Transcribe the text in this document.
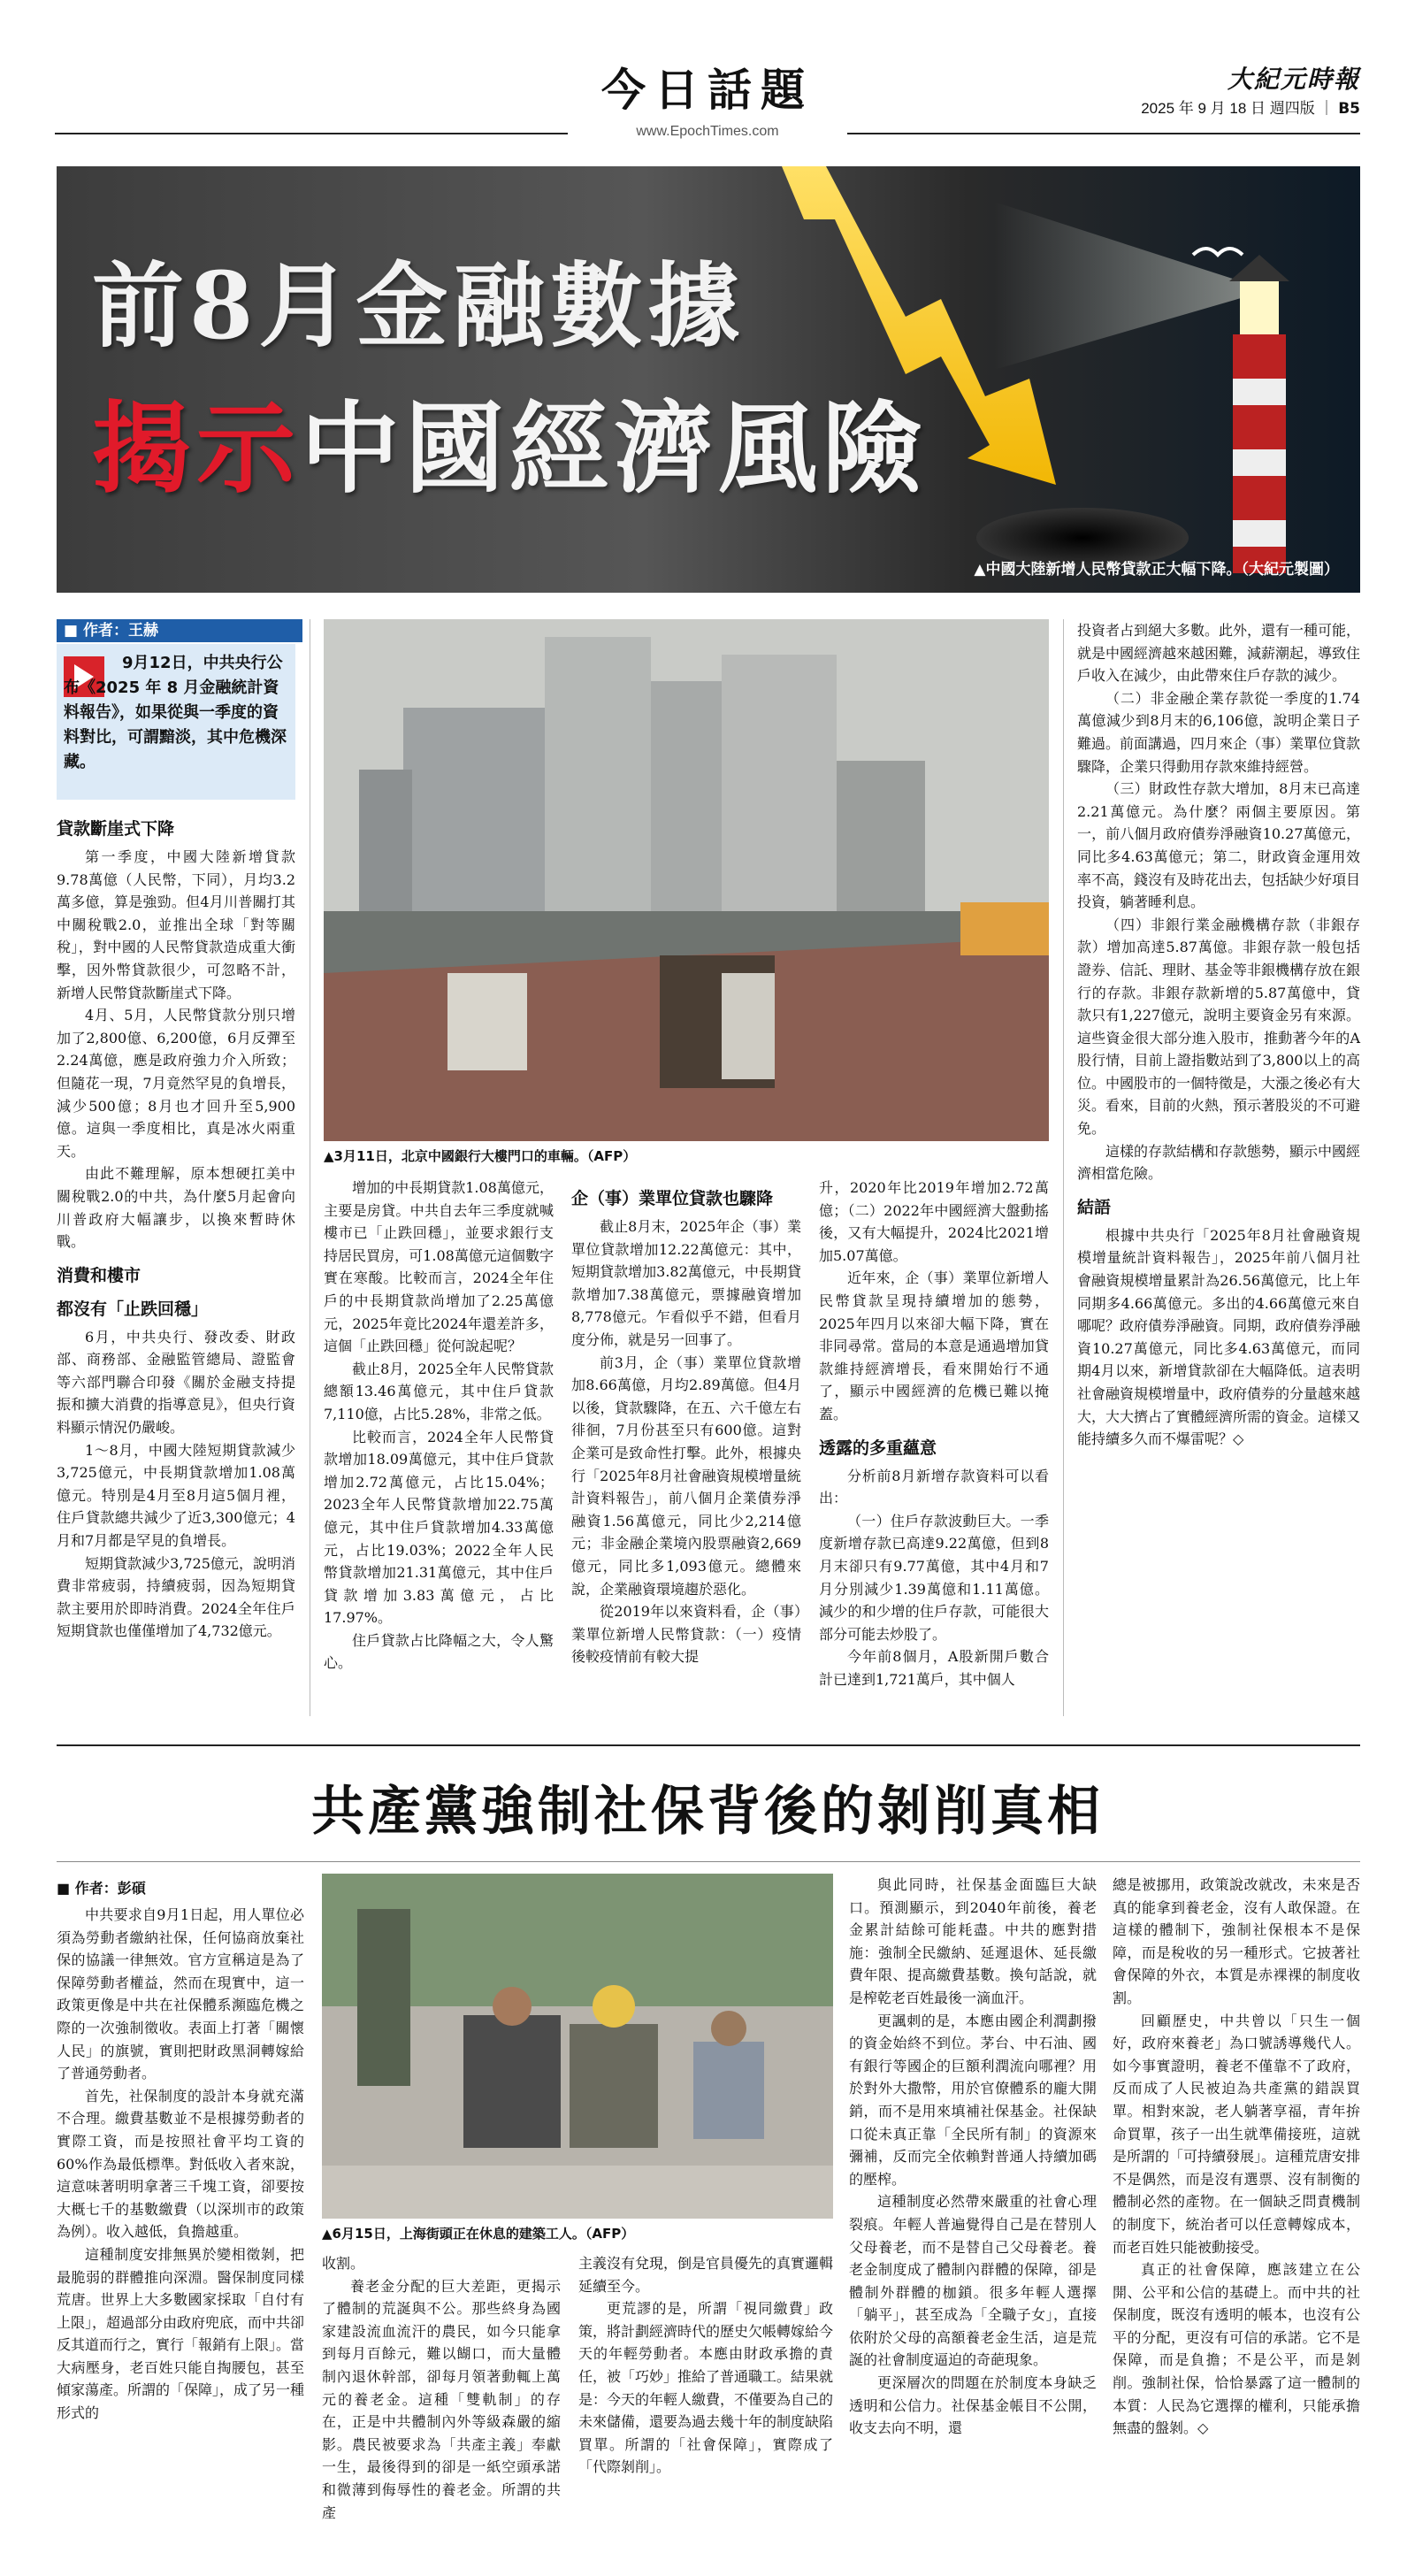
今日話題
www.EpochTimes.com
大紀元時報
2025 年 9 月 18 日 週四版 ｜ B5
前8月金融數據
揭示中國經濟風險
▲中國大陸新增人民幣貸款正大幅下降。（大紀元製圖）
■ 作者：王赫
9月12日，中共央行公布《2025 年 8 月金融統計資料報告》，如果從與一季度的資料對比，可謂黯淡，其中危機深藏。
貸款斷崖式下降

第一季度，中國大陸新增貸款9.78萬億（人民幣，下同），月均3.2萬多億，算是強勁。但4月川普關打其中關稅戰2.0，並推出全球「對等關稅」，對中國的人民幣貸款造成重大衝擊，因外幣貸款很少，可忽略不計，新增人民幣貸款斷崖式下降。

4月、5月，人民幣貸款分別只增加了2,800億、6,200億，6月反彈至2.24萬億，應是政府強力介入所致；但隨花一現，7月竟然罕見的負增長，減少500億；8月也才回升至5,900億。這與一季度相比，真是冰火兩重天。

由此不難理解，原本想硬扛美中關稅戰2.0的中共，為什麼5月起會向川普政府大幅讓步，以換來暫時休戰。

消費和樓市
都沒有「止跌回穩」

6月，中共央行、發改委、財政部、商務部、金融監管總局、證監會等六部門聯合印發《關於金融支持提振和擴大消費的指導意見》，但央行資料顯示情況仍嚴峻。

1～8月，中國大陸短期貸款減少3,725億元，中長期貸款增加1.08萬億元。特別是4月至8月這5個月裡，住戶貸款總共減少了近3,300億元；4月和7月都是罕見的負增長。

短期貸款減少3,725億元，說明消費非常疲弱，持續疲弱，因為短期貸款主要用於即時消費。2024全年住戶短期貸款也僅僅增加了4,732億元。

▲3月11日，北京中國銀行大樓門口的車輛。（AFP）

增加的中長期貸款1.08萬億元，主要是房貸。中共自去年三季度就喊樓市已「止跌回穩」，並要求銀行支持居民買房，可1.08萬億元這個數字實在寒酸。比較而言，2024全年住戶的中長期貸款尚增加了2.25萬億元，2025年竟比2024年還差許多，這個「止跌回穩」從何說起呢？

截止8月，2025全年人民幣貸款總額13.46萬億元，其中住戶貸款7,110億，占比5.28%，非常之低。

比較而言，2024全年人民幣貸款增加18.09萬億元，其中住戶貸款增加2.72萬億元，占比15.04%；2023全年人民幣貸款增加22.75萬億元，其中住戶貸款增加4.33萬億元，占比19.03%；2022全年人民幣貸款增加21.31萬億元，其中住戶貸款增加3.83萬億元，占比17.97%。

住戶貸款占比降幅之大，令人驚心。

企（事）業單位貸款也驟降

截止8月末，2025年企（事）業單位貸款增加12.22萬億元：其中，短期貸款增加3.82萬億元，中長期貸款增加7.38萬億元，票據融資增加8,778億元。乍看似乎不錯，但看月度分佈，就是另一回事了。

前3月，企（事）業單位貸款增加8.66萬億，月均2.89萬億。但4月以後，貸款驟降，在五、六千億左右徘徊，7月份甚至只有600億。這對企業可是致命性打擊。此外，根據央行「2025年8月社會融資規模增量統計資料報告」，前八個月企業債券淨融資1.56萬億元，同比少2,214億元；非金融企業境內股票融資2,669億元，同比多1,093億元。總體來說，企業融資環境趨於惡化。

從2019年以來資料看，企（事）業單位新增人民幣貸款：（一）疫情後較疫情前有較大提

升，2020年比2019年增加2.72萬億；（二）2022年中國經濟大盤動搖後，又有大幅提升，2024比2021增加5.07萬億。

近年來，企（事）業單位新增人民幣貸款呈現持續增加的態勢，2025年四月以來卻大幅下降，實在非同尋常。當局的本意是通過增加貸款維持經濟增長，看來開始行不通了，顯示中國經濟的危機已難以掩蓋。

透露的多重蘊意

分析前8月新增存款資料可以看出：

（一）住戶存款波動巨大。一季度新增存款已高達9.22萬億，但到8月末卻只有9.77萬億，其中4月和7月分別減少1.39萬億和1.11萬億。減少的和少增的住戶存款，可能很大部分可能去炒股了。

今年前8個月，A股新開戶數合計已達到1,721萬戶，其中個人

投資者占到絕大多數。此外，還有一種可能，就是中國經濟越來越困難，減薪潮起，導致住戶收入在減少，由此帶來住戶存款的減少。

（二）非金融企業存款從一季度的1.74萬億減少到8月末的6,106億，說明企業日子難過。前面講過，四月來企（事）業單位貸款驟降，企業只得動用存款來維持經營。

（三）財政性存款大增加，8月末已高達2.21萬億元。為什麼？兩個主要原因。第一，前八個月政府債券淨融資10.27萬億元，同比多4.63萬億元；第二，財政資金運用效率不高，錢沒有及時花出去，包括缺少好項目投資，躺著睡利息。

（四）非銀行業金融機構存款（非銀存款）增加高達5.87萬億。非銀存款一般包括證券、信託、理財、基金等非銀機構存放在銀行的存款。非銀存款新增的5.87萬億中，貸款只有1,227億元，說明主要資金另有來源。這些資金很大部分進入股市，推動著今年的A股行情，目前上證指數站到了3,800以上的高位。中國股市的一個特徵是，大漲之後必有大災。看來，目前的火熱，預示著股災的不可避免。

這樣的存款結構和存款態勢，顯示中國經濟相當危險。

結語

根據中共央行「2025年8月社會融資規模增量統計資料報告」，2025年前八個月社會融資規模增量累計為26.56萬億元，比上年同期多4.66萬億元。多出的4.66萬億元來自哪呢？政府債券淨融資。同期，政府債券淨融資10.27萬億元，同比多4.63萬億元，而同期4月以來，新增貸款卻在大幅降低。這表明社會融資規模增量中，政府債券的分量越來越大，大大擠占了實體經濟所需的資金。這樣又能持續多久而不爆雷呢？◇

共產黨強制社保背後的剝削真相
■ 作者：彭碩

中共要求自9月1日起，用人單位必須為勞動者繳納社保，任何協商放棄社保的協議一律無效。官方宣稱這是為了保障勞動者權益，然而在現實中，這一政策更像是中共在社保體系瀕臨危機之際的一次強制徵收。表面上打著「關懷人民」的旗號，實則把財政黑洞轉嫁給了普通勞動者。

首先，社保制度的設計本身就充滿不合理。繳費基數並不是根據勞動者的實際工資，而是按照社會平均工資的60%作為最低標準。對低收入者來說，這意味著明明拿著三千塊工資，卻要按大概七千的基數繳費（以深圳市的政策為例）。收入越低，負擔越重。

這種制度安排無異於變相徵剝，把最脆弱的群體推向深淵。醫保制度同樣荒唐。世界上大多數國家採取「自付有上限」，超過部分由政府兜底，而中共卻反其道而行之，實行「報銷有上限」。當大病壓身，老百姓只能自掏腰包，甚至傾家蕩產。所謂的「保障」，成了另一種形式的

▲6月15日，上海街頭正在休息的建築工人。（AFP）

收割。

養老金分配的巨大差距，更揭示了體制的荒誕與不公。那些終身為國家建設流血流汗的農民，如今只能拿到每月百餘元，難以餬口，而大量體制內退休幹部，卻每月領著動輒上萬元的養老金。這種「雙軌制」的存在，正是中共體制內外等級森嚴的縮影。農民被要求為「共產主義」奉獻一生，最後得到的卻是一紙空頭承諾和微薄到侮辱性的養老金。所謂的共產

主義沒有兌現，倒是官員優先的真實邏輯延續至今。

更荒謬的是，所謂「視同繳費」政策，將計劃經濟時代的歷史欠帳轉嫁給今天的年輕勞動者。本應由財政承擔的責任，被「巧妙」推給了普通職工。結果就是：今天的年輕人繳費，不僅要為自己的未來儲備，還要為過去幾十年的制度缺陷買單。所謂的「社會保障」，實際成了「代際剝削」。

與此同時，社保基金面臨巨大缺口。預測顯示，到2040年前後，養老金累計結餘可能耗盡。中共的應對措施：強制全民繳納、延遲退休、延長繳費年限、提高繳費基數。換句話說，就是榨乾老百姓最後一滴血汗。

更諷刺的是，本應由國企利潤劃撥的資金始終不到位。茅台、中石油、國有銀行等國企的巨額利潤流向哪裡？用於對外大撒幣，用於官僚體系的龐大開銷，而不是用來填補社保基金。社保缺口從未真正靠「全民所有制」的資源來彌補，反而完全依賴對普通人持續加碼的壓榨。

這種制度必然帶來嚴重的社會心理裂痕。年輕人普遍覺得自己是在替別人父母養老，而不是替自己父母養老。養老金制度成了體制內群體的保障，卻是體制外群體的枷鎖。很多年輕人選擇「躺平」，甚至成為「全職子女」，直接依附於父母的高額養老金生活，這是荒誕的社會制度逼迫的奇葩現象。

更深層次的問題在於制度本身缺乏透明和公信力。社保基金帳目不公開，收支去向不明，還

總是被挪用，政策說改就改，未來是否真的能拿到養老金，沒有人敢保證。在這樣的體制下，強制社保根本不是保障，而是稅收的另一種形式。它披著社會保障的外衣，本質是赤裸裸的制度收割。

回顧歷史，中共曾以「只生一個好，政府來養老」為口號誘導幾代人。如今事實證明，養老不僅靠不了政府，反而成了人民被迫為共產黨的錯誤買單。相對來說，老人躺著享福，青年拚命買單，孩子一出生就準備接班，這就是所謂的「可持續發展」。這種荒唐安排不是偶然，而是沒有選票、沒有制衡的體制必然的產物。在一個缺乏問責機制的制度下，統治者可以任意轉嫁成本，而老百姓只能被動接受。

真正的社會保障，應該建立在公開、公平和公信的基礎上。而中共的社保制度，既沒有透明的帳本，也沒有公平的分配，更沒有可信的承諾。它不是保障，而是負擔；不是公平，而是剝削。強制社保，恰恰暴露了這一體制的本質：人民為它選擇的權利，只能承擔無盡的盤剝。◇
